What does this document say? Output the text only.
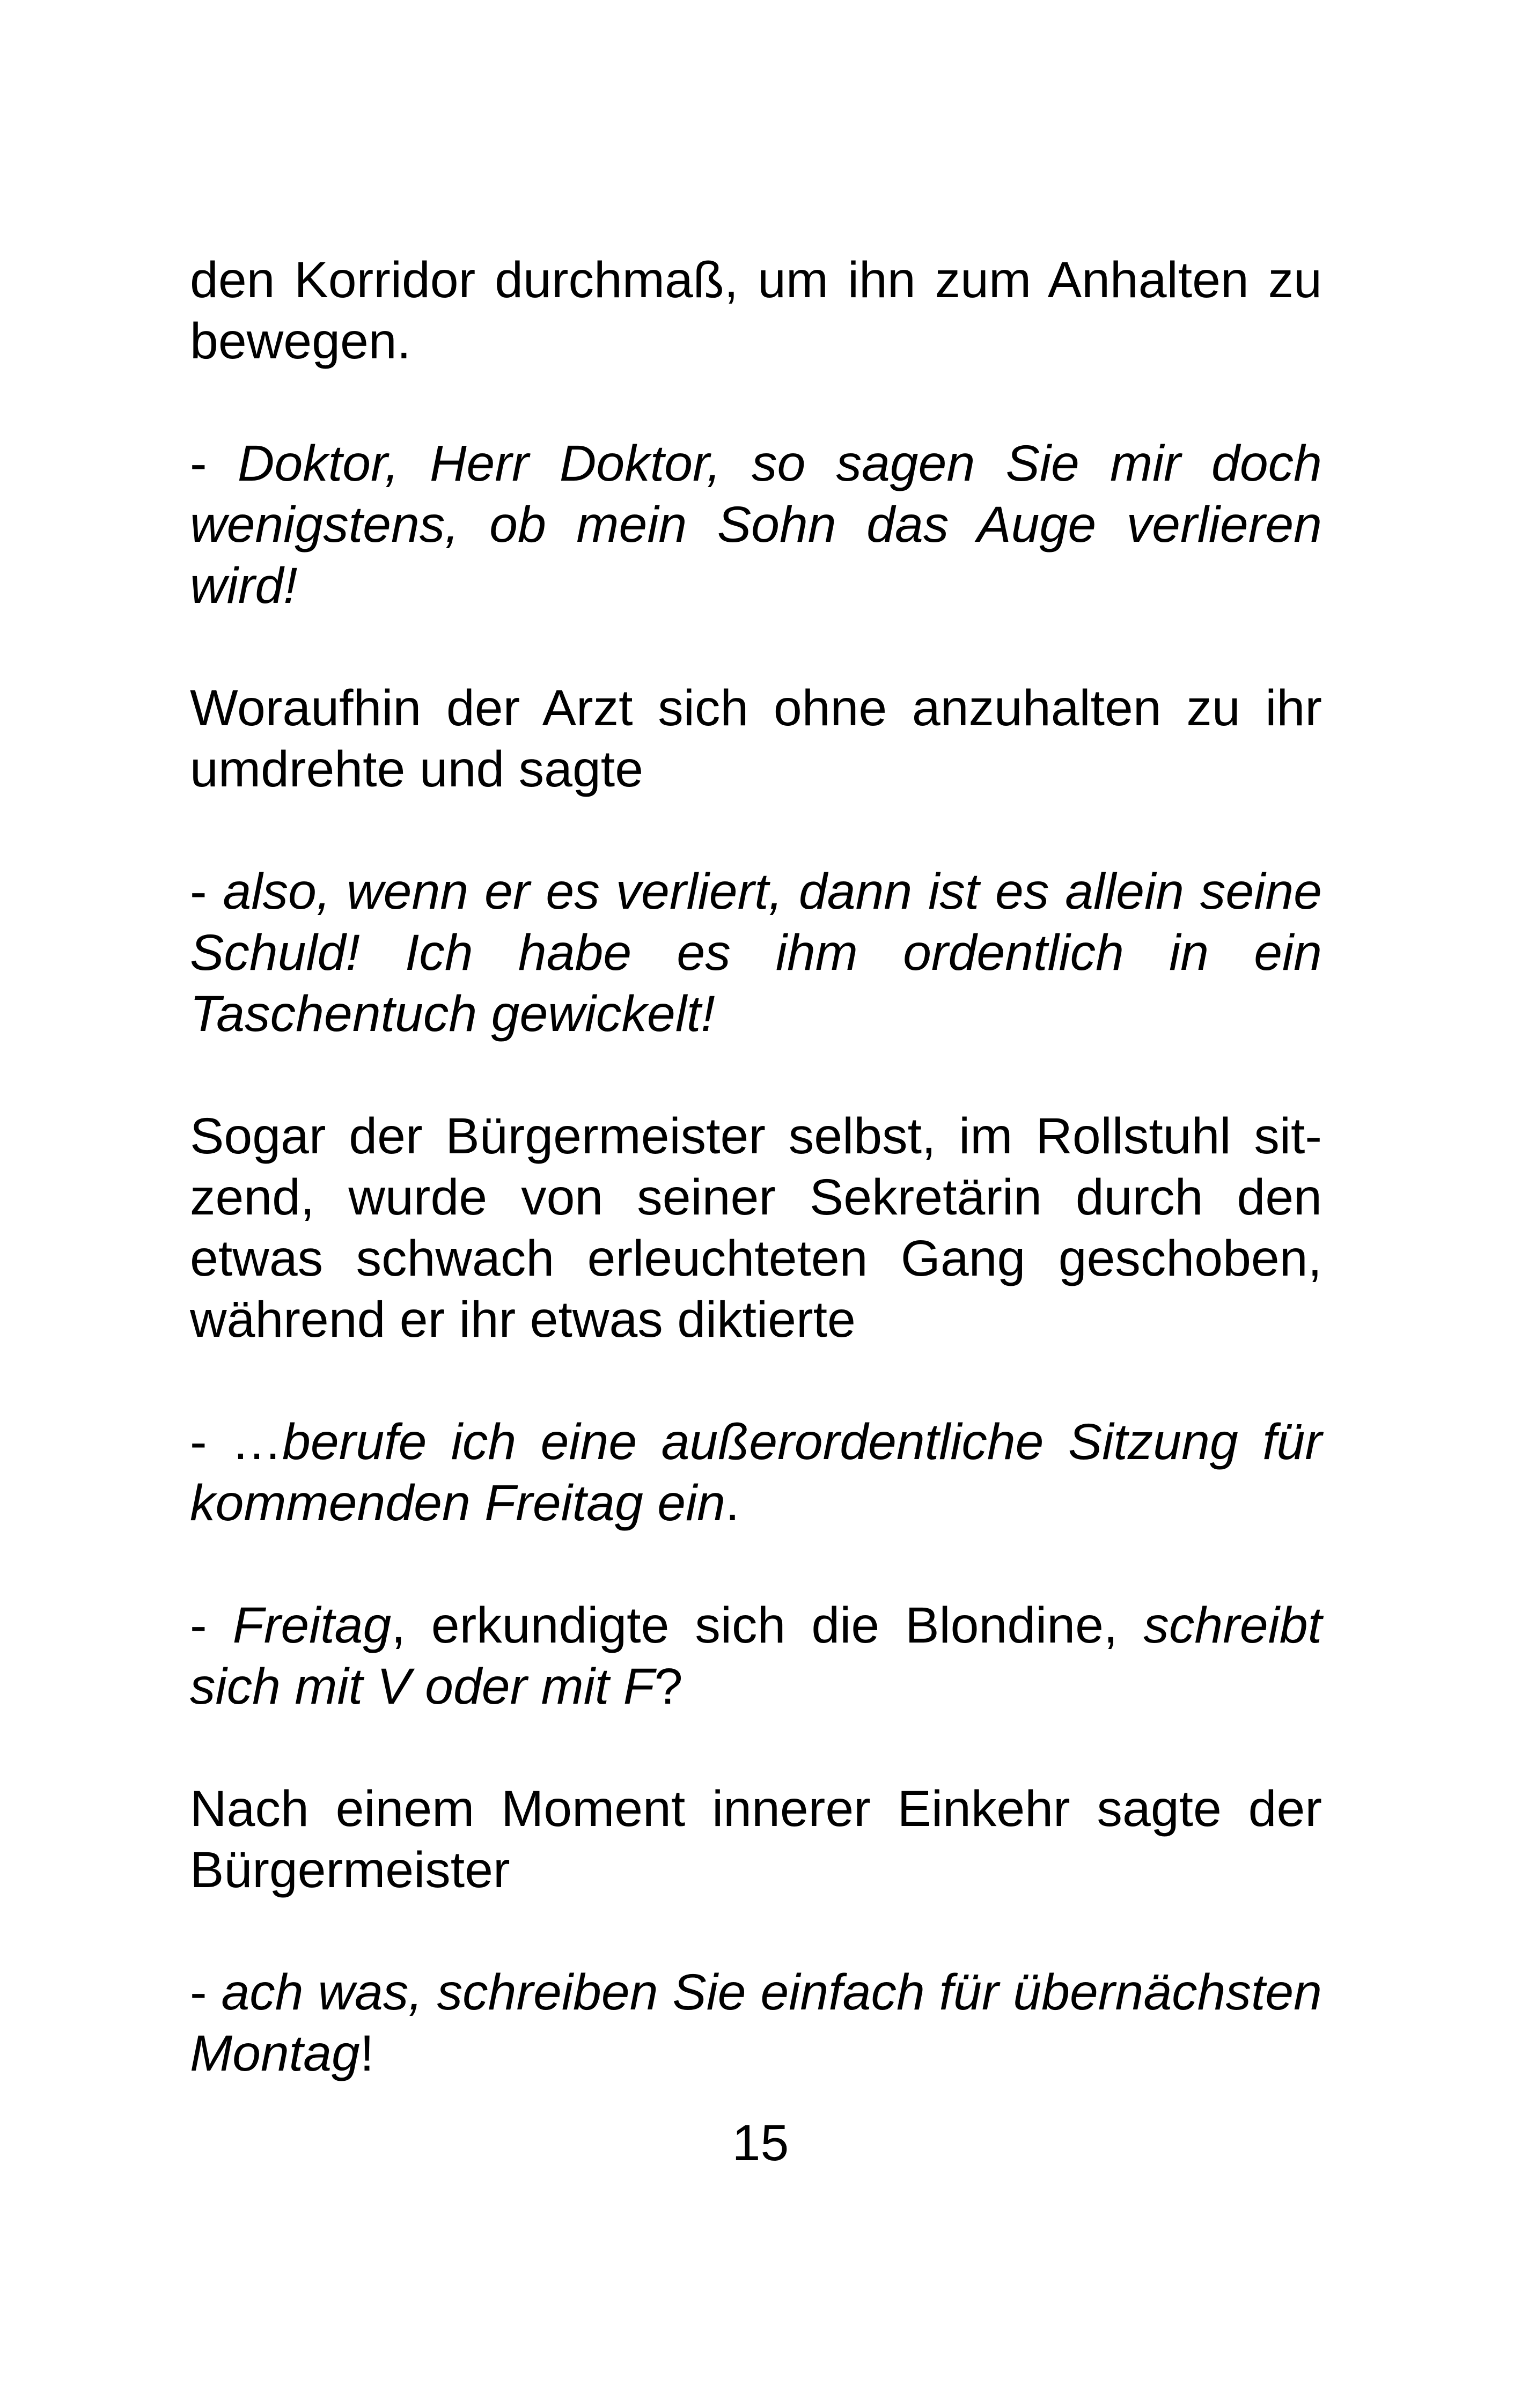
den Korridor durchmaß, um ihn zum Anhalten zu bewegen.

- Doktor, Herr Doktor, so sagen Sie mir doch wenigstens, ob mein Sohn das Auge verlieren wird!

Woraufhin der Arzt sich ohne anzuhalten zu ihr umdrehte und sagte

- also, wenn er es verliert, dann ist es allein seine Schuld! Ich habe es ihm ordentlich in ein Taschentuch gewickelt!

Sogar der Bürgermeister selbst, im Rollstuhl sitzend, wurde von seiner Sekretärin durch den etwas schwach erleuchteten Gang geschoben, während er ihr etwas diktierte

- …berufe ich eine außerordentliche Sitzung für kommenden Freitag ein.

- Freitag, erkundigte sich die Blondine, schreibt sich mit V oder mit F?

Nach einem Moment innerer Einkehr sagte der Bürgermeister

- ach was, schreiben Sie einfach für übernächsten Montag!

15
